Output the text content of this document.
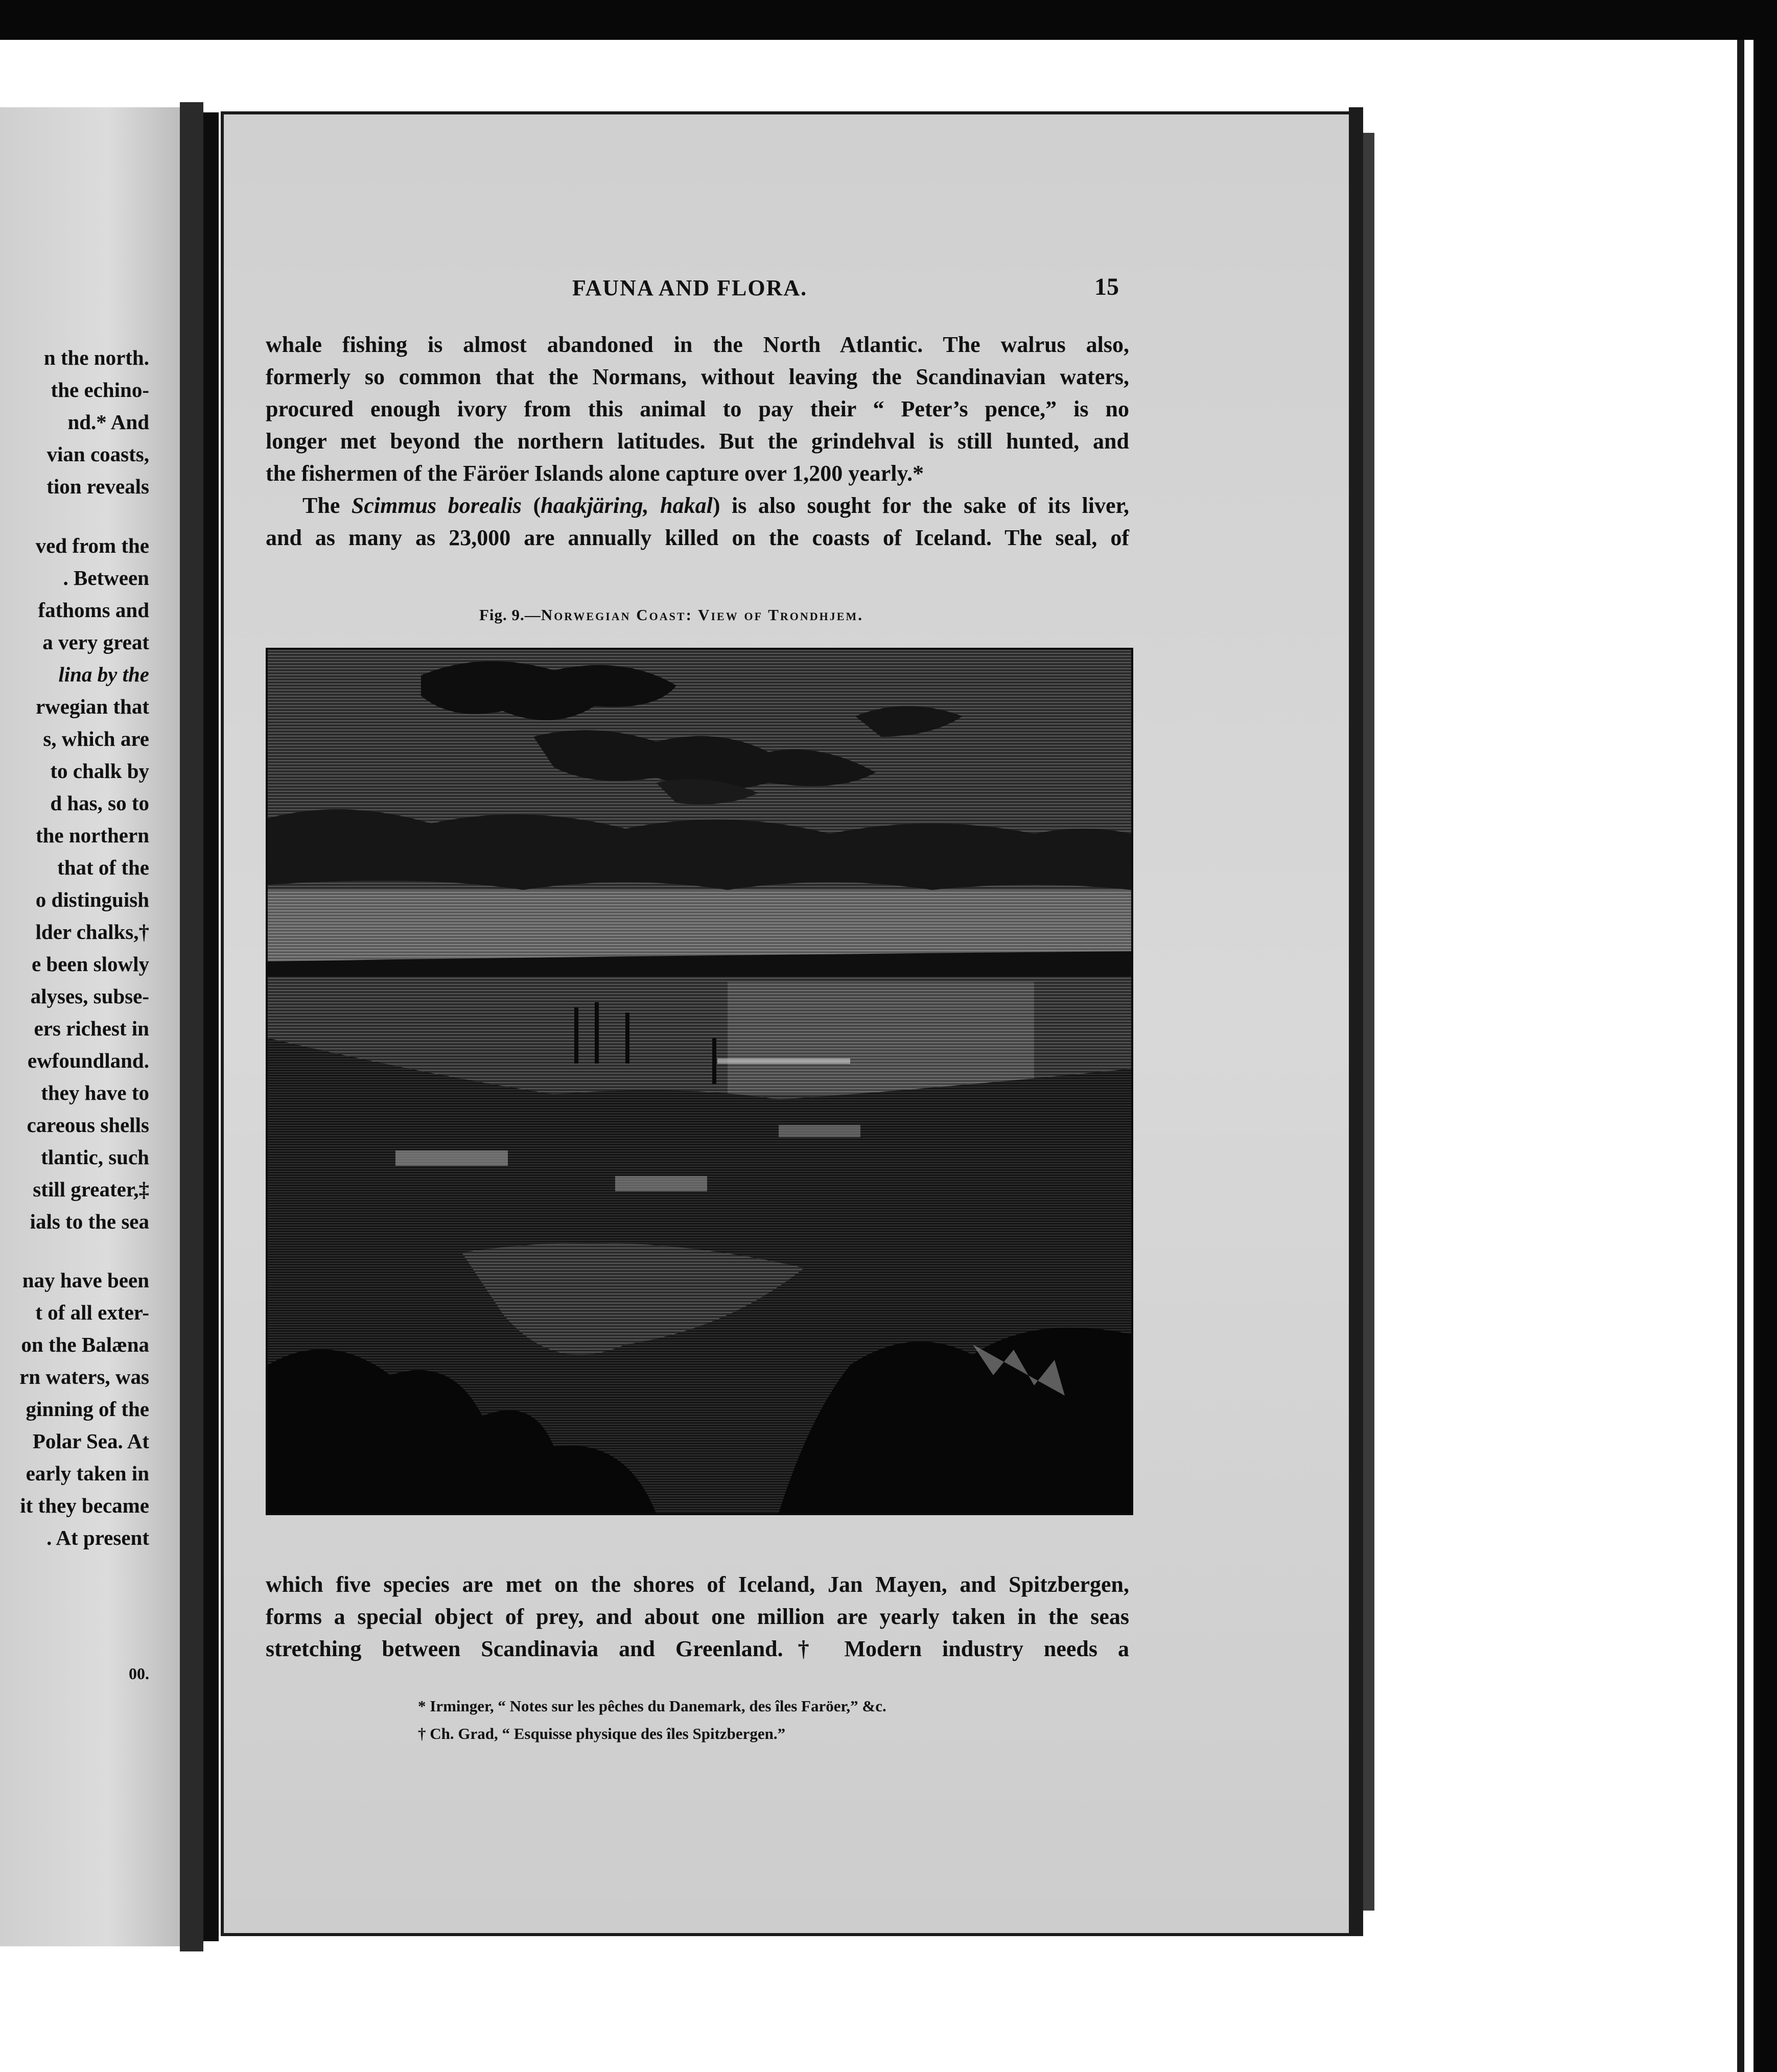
n the north.
the echino-
nd.* And
vian coasts,
tion reveals
ved from the
. Between
fathoms and
a very great
lina by the
rwegian that
s, which are
to chalk by
d has, so to
the northern
that of the
o distinguish
lder chalks,†
e been slowly
alyses, subse-
ers richest in
ewfoundland.
they have to
careous shells
tlantic, such
still greater,‡
ials to the sea
nay have been
t of all exter-
on the Balæna
rn waters, was
ginning of the
Polar Sea. At
early taken in
it they became
. At present
00.
FAUNA AND FLORA.	15
whale fishing is almost abandoned in the North Atlantic. The walrus also,
formerly so common that the Normans, without leaving the Scandinavian waters,
procured enough ivory from this animal to pay their “ Peter’s pence,” is no
longer met beyond the northern latitudes. But the grindehval is still hunted, and
the fishermen of the Färöer Islands alone capture over 1,200 yearly.*
The Scimmus borealis (haakjäring, hakal) is also sought for the sake of its liver,
and as many as 23,000 are annually killed on the coasts of Iceland. The seal, of
Fig. 9.—Norwegian Coast: View of Trondhjem.
which five species are met on the shores of Iceland, Jan Mayen, and Spitzbergen,
forms a special object of prey, and about one million are yearly taken in the seas
stretching between Scandinavia and Greenland.† Modern industry needs a
* Irminger, “ Notes sur les pêches du Danemark, des îles Faröer,” &c.
† Ch. Grad, “ Esquisse physique des îles Spitzbergen.”
